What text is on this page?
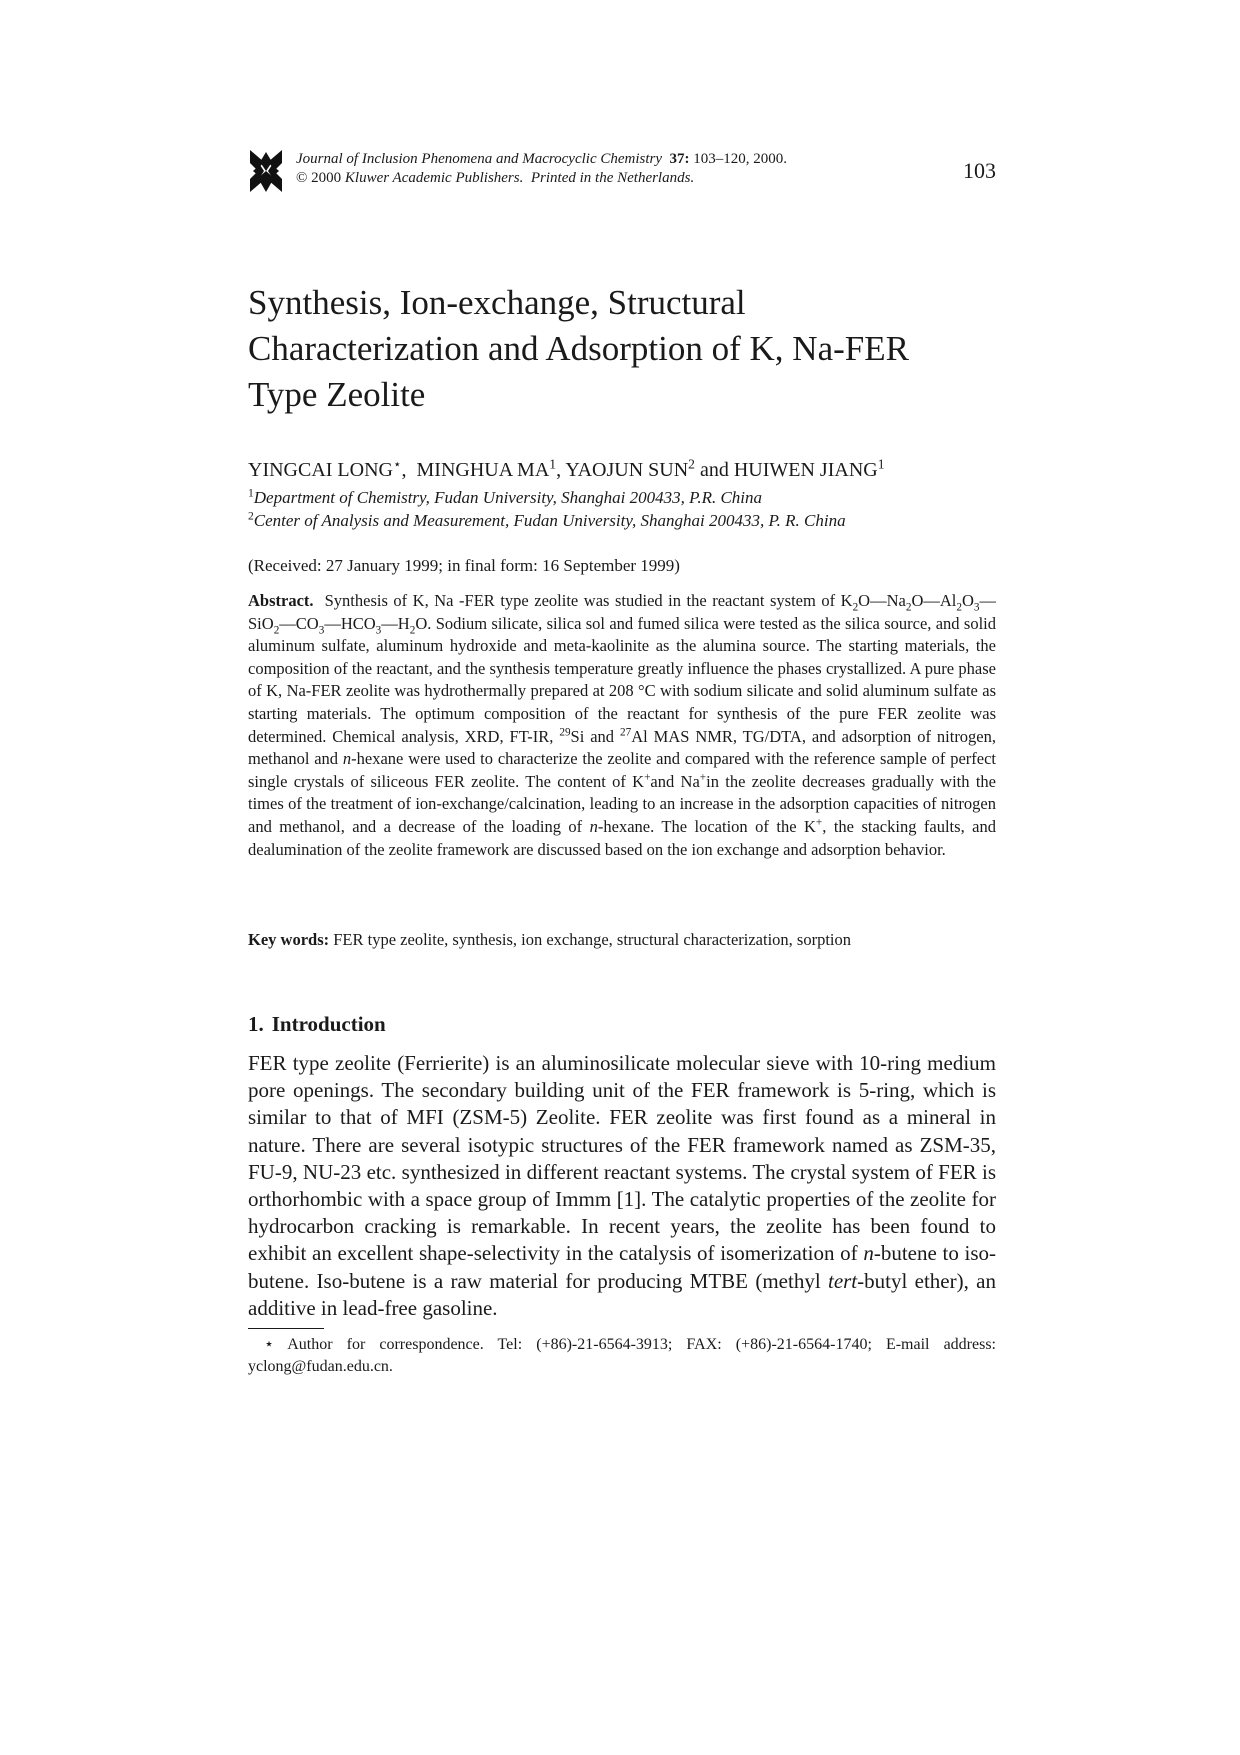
Journal of Inclusion Phenomena and Macrocyclic Chemistry 37: 103–120, 2000.
© 2000 Kluwer Academic Publishers. Printed in the Netherlands.	103
Synthesis, Ion-exchange, Structural
Characterization and Adsorption of K, Na-FER
Type Zeolite
YINGCAI LONG⋆,  MINGHUA $MA^1$, YAOJUN SUN$^2$ and HUIWEN JIANG$^1$
$^1$Department of Chemistry, Fudan University, Shanghai 200433, P.R. China
$^2$Center of Analysis and Measurement, Fudan University, Shanghai 200433, P. R. China
(Received: 27 January 1999; in final form: 16 September 1999)

Abstract. Synthesis of K, Na -FER type zeolite was studied in the reactant system of $K_2O—Na_2O—Al_2O_3—SiO_2—CO_3—HCO_3—H_2O$. Sodium silicate, silica sol and fumed silica were tested as the silica source, and solid aluminum sulfate, aluminum hydroxide and meta-kaolinite as the alumina source. The starting materials, the composition of the reactant, and the synthesis temperature greatly influence the phases crystallized. A pure phase of K, Na-FER zeolite was hydrothermally prepared at 208 °C with sodium silicate and solid aluminum sulfate as starting materials. The optimum composition of the reactant for synthesis of the pure FER zeolite was determined. Chemical analysis, XRD, FT-IR, $^{29}$Si and $^{27}$Al MAS NMR, TG/DTA, and adsorption of nitrogen, methanol and n-hexane were used to characterize the zeolite and compared with the reference sample of perfect single crystals of siliceous FER zeolite. The content of K+and Na+in the zeolite decreases gradually with the times of the treatment of ion-exchange/calcination, leading to an increase in the adsorption capacities of nitrogen and methanol, and a decrease of the loading of n-hexane. The location of the K+, the stacking faults, and dealumination of the zeolite framework are discussed based on the ion exchange and adsorption behavior.

Key words: FER type zeolite, synthesis, ion exchange, structural characterization, sorption
1. Introduction

FER type zeolite (Ferrierite) is an aluminosilicate molecular sieve with 10-ring medium pore openings. The secondary building unit of the FER framework is 5-ring, which is similar to that of MFI (ZSM-5) Zeolite. FER zeolite was first found as a mineral in nature. There are several isotypic structures of the FER framework named as ZSM-35, FU-9, NU-23 etc. synthesized in different reactant systems. The crystal system of FER is orthorhombic with a space group of Immm [1]. The catalytic properties of the zeolite for hydrocarbon cracking is remarkable. In recent years, the zeolite has been found to exhibit an excellent shape-selectivity in the catalysis of isomerization of n-butene to iso-butene. Iso-butene is a raw material for producing MTBE (methyl tert-butyl ether), an additive in lead-free gasoline.

⋆ Author for correspondence. Tel: (+86)-21-6564-3913; FAX: (+86)-21-6564-1740; E-mail address: yclong@fudan.edu.cn.
